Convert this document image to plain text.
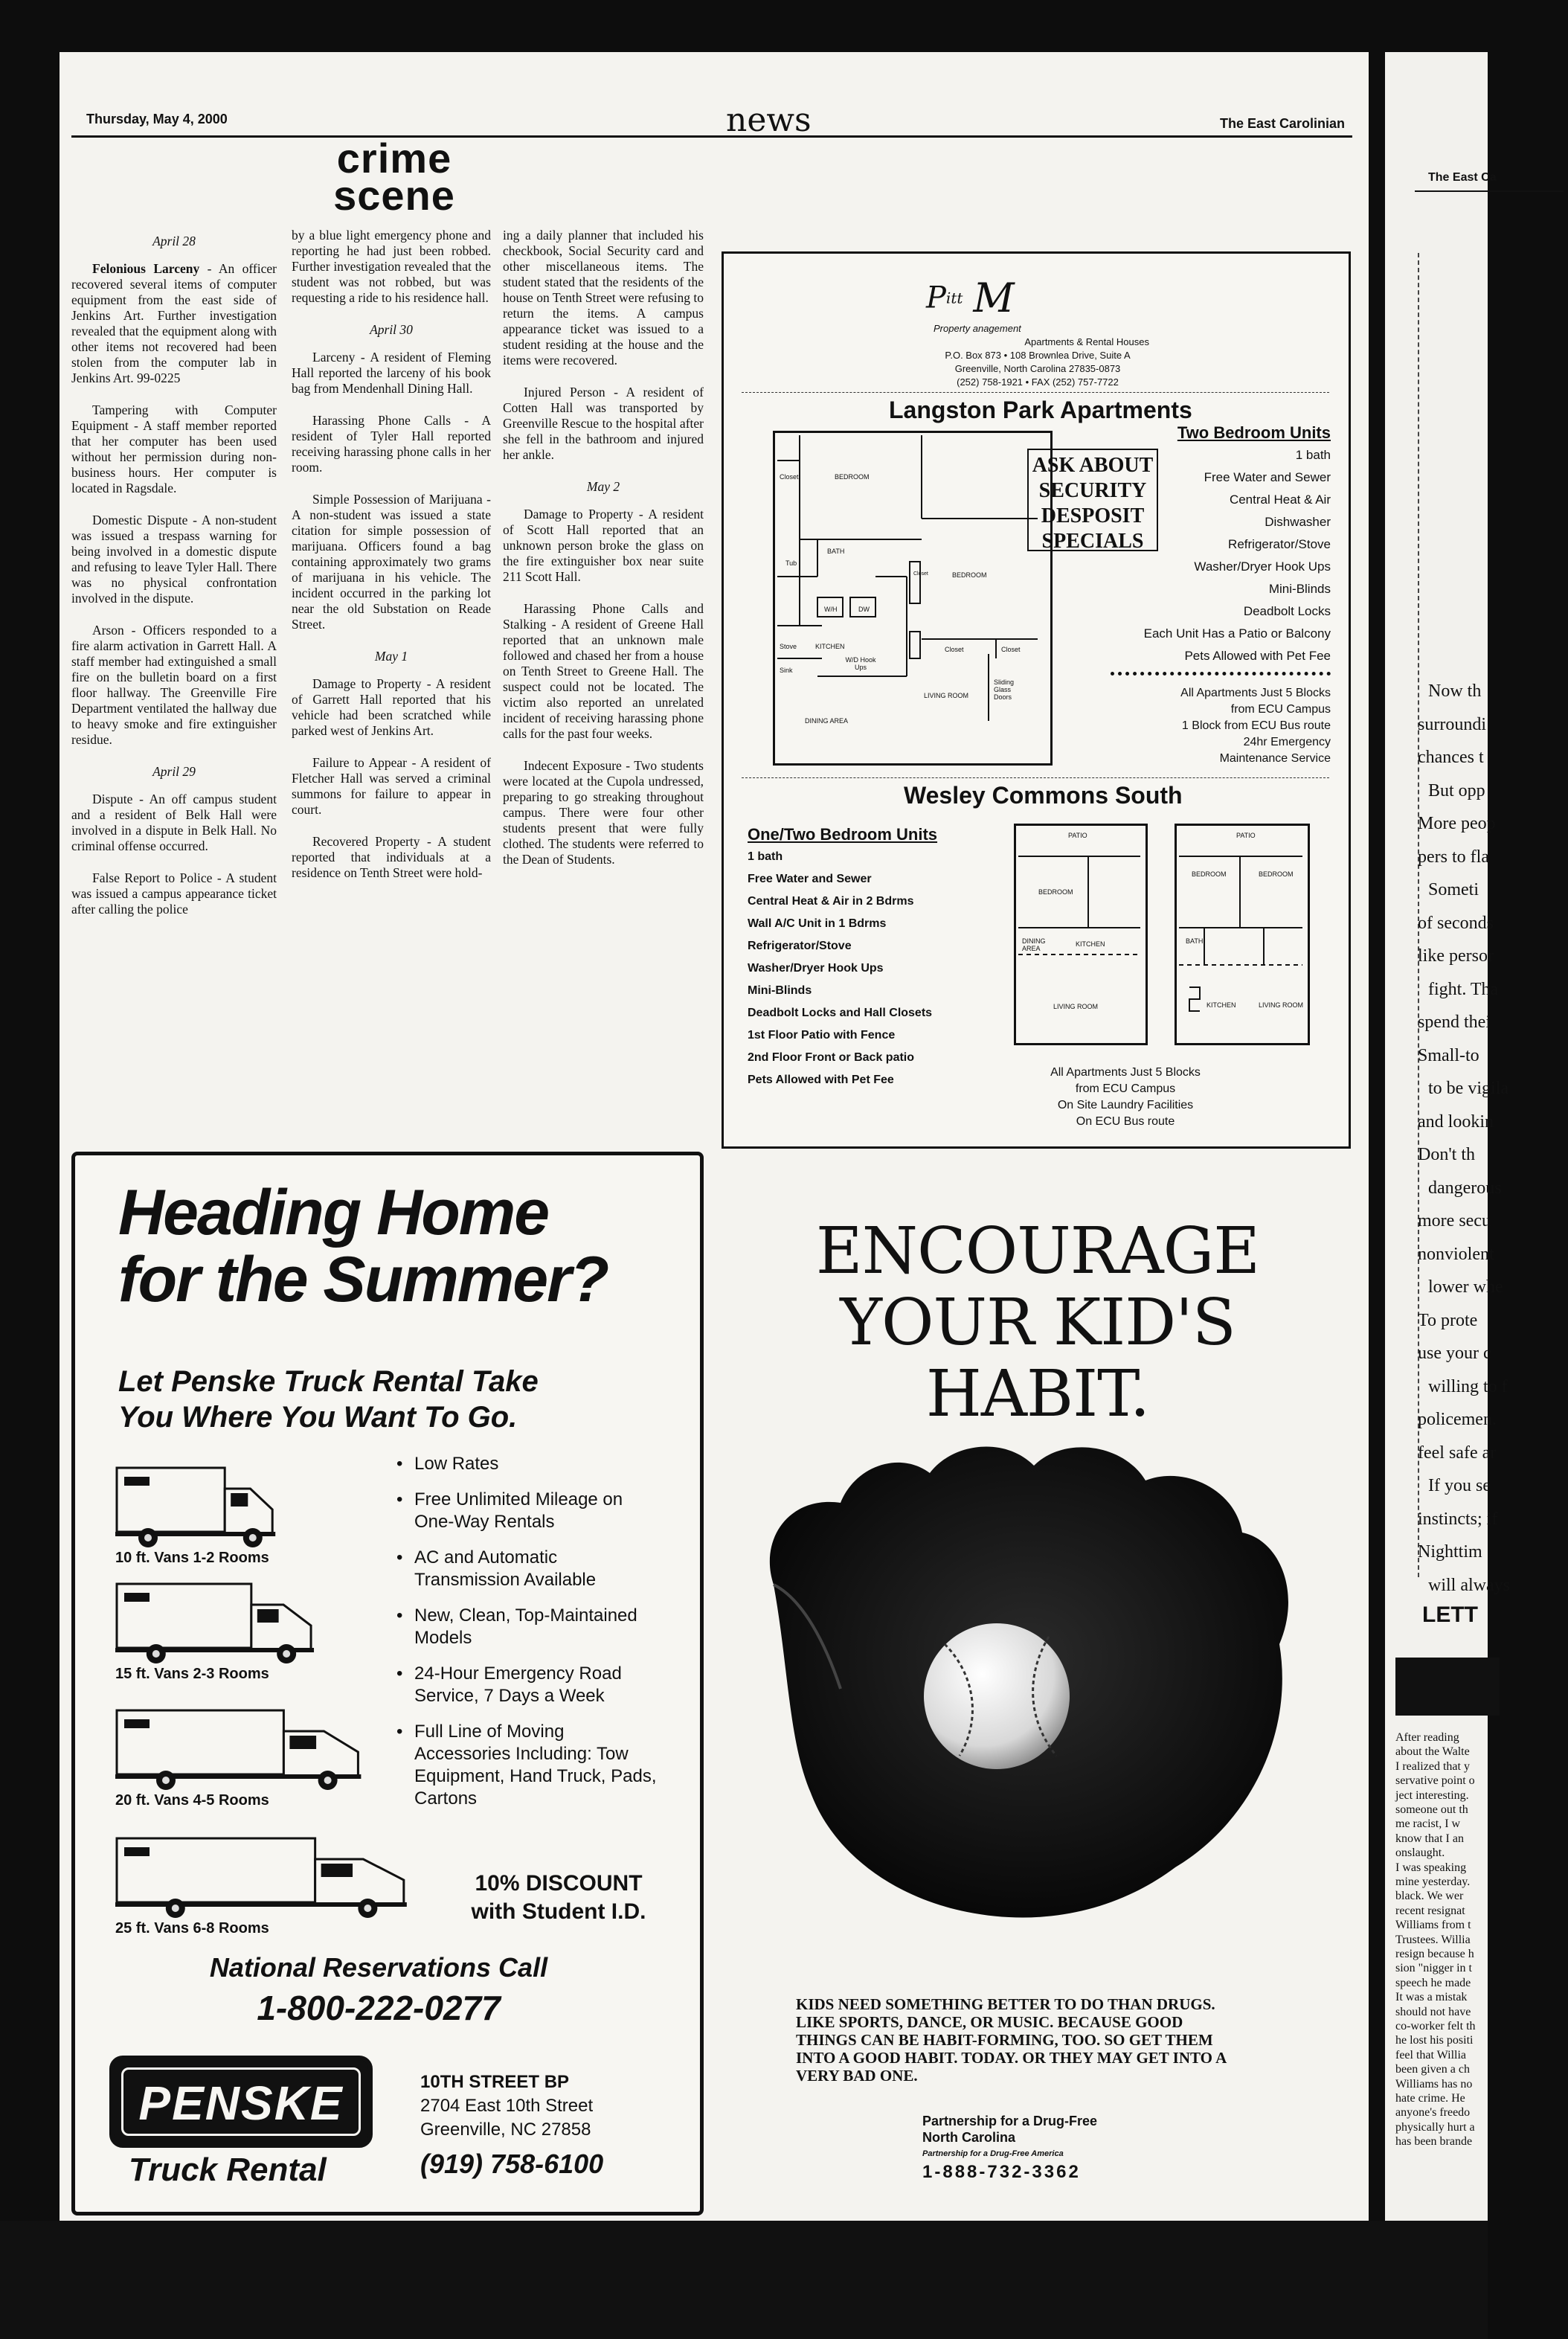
The East Ca
Now th
surroundi
chances t
But opp
More peop
pers to fla
Someti
of seconds
like persor
fight. Tha
spend thei
Small-to
to be vigila
and lookin
Don't th
dangerous
more secu
nonviolent
lower whe
To prote
use your c
willing to f
policemen.
feel safe ar
If you se
instincts; if
Nighttim
will always
LETT
After reading
about the Walte
I realized that y
servative point o
ject interesting.
someone out th
me racist, I w
know that I an
onslaught.
I was speaking
mine yesterday.
black. We wer
recent resignat
Williams from t
Trustees. Willia
resign because h
sion "nigger in t
speech he made
It was a mistak
should not have
co-worker felt th
he lost his positi
feel that Willia
been given a ch
Williams has no
hate crime. He
anyone's freedo
physically hurt a
has been brande
Thursday, May 4, 2000	news	The East Carolinian
crime
scene

April 28

Felonious Larceny - An officer recovered several items of computer equipment from the east side of Jenkins Art. Further investigation revealed that the equipment along with other items not recovered had been stolen from the computer lab in Jenkins Art. 99-0225

Tampering with Computer Equipment - A staff member reported that her computer has been used without her permission during non-business hours. Her computer is located in Ragsdale.

Domestic Dispute - A non-student was issued a trespass warning for being involved in a domestic dispute and refusing to leave Tyler Hall. There was no physical confrontation involved in the dispute.

Arson - Officers responded to a fire alarm activation in Garrett Hall. A staff member had extinguished a small fire on the bulletin board on a first floor hallway. The Greenville Fire Department ventilated the hallway due to heavy smoke and fire extinguisher residue.

April 29

Dispute - An off campus student and a resident of Belk Hall were involved in a dispute in Belk Hall. No criminal offense occurred.

False Report to Police - A student was issued a campus appearance ticket after calling the police

by a blue light emergency phone and reporting he had just been robbed. Further investigation revealed that the student was not robbed, but was requesting a ride to his residence hall.

April 30

Larceny - A resident of Fleming Hall reported the larceny of his book bag from Mendenhall Dining Hall.

Harassing Phone Calls - A resident of Tyler Hall reported receiving harassing phone calls in her room.

Simple Possession of Marijuana - A non-student was issued a state citation for simple possession of marijuana. Officers found a bag containing approximately two grams of marijuana in his vehicle. The incident occurred in the parking lot near the old Substation on Reade Street.

May 1

Damage to Property - A resident of Garrett Hall reported that his vehicle had been scratched while parked west of Jenkins Art.

Failure to Appear - A resident of Fletcher Hall was served a criminal summons for failure to appear in court.

Recovered Property - A student reported that individuals at a residence on Tenth Street were hold-

ing a daily planner that included his checkbook, Social Security card and other miscellaneous items. The student stated that the residents of the house on Tenth Street were refusing to return the items. A campus appearance ticket was issued to a student residing at the house and the items were recovered.

Injured Person - A resident of Cotten Hall was transported by Greenville Rescue to the hospital after she fell in the bathroom and injured her ankle.

May 2

Damage to Property - A resident of Scott Hall reported that an unknown person broke the glass on the fire extinguisher box near suite 211 Scott Hall.

Harassing Phone Calls and Stalking - A resident of Greene Hall reported that an unknown male followed and chased her from a house on Tenth Street to Greene Hall. The suspect could not be located. The victim also reported an unrelated incident of receiving harassing phone calls for the past four weeks.

Indecent Exposure - Two students were located at the Cupola undressed, preparing to go streaking throughout campus. There were four other students present that were fully clothed. The students were referred to the Dean of Students.

Pitt M
Property anagement
Apartments & Rental Houses
P.O. Box 873 • 108 Brownlea Drive, Suite A
Greenville, North Carolina 27835-0873
(252) 758-1921 • FAX (252) 757-7722
Langston Park Apartments
Closet	BEDROOM
BATH
Tub
BEDROOM
W/H	DW
Closet
Closet
Stove
Sink
KITCHEN
W/D Hook Ups
LIVING ROOM
Sliding Glass Doors
DINING AREA
Closet
ASK ABOUT
SECURITY
DESPOSIT
SPECIALS
Two Bedroom Units
1 bath
Free Water and Sewer
Central Heat & Air
Dishwasher
Refrigerator/Stove
Washer/Dryer Hook Ups
Mini-Blinds
Deadbolt Locks
Each Unit Has a Patio or Balcony
Pets Allowed with Pet Fee
All Apartments Just 5 Blocks
from ECU Campus
1 Block from ECU Bus route
24hr Emergency
Maintenance Service
Wesley Commons South
One/Two Bedroom Units
1 bath
Free Water and Sewer
Central Heat & Air in 2 Bdrms
Wall A/C Unit in 1 Bdrms
Refrigerator/Stove
Washer/Dryer Hook Ups
Mini-Blinds
Deadbolt Locks and Hall Closets
1st Floor Patio with Fence
2nd Floor Front or Back patio
Pets Allowed with Pet Fee
PATIO
BEDROOM
DINING AREA
KITCHEN
LIVING ROOM
PATIO
BEDROOM	BEDROOM
BATH
KITCHEN	LIVING ROOM
All Apartments Just 5 Blocks
from ECU Campus
On Site Laundry Facilities
On ECU Bus route
Heading Home
for the Summer?
Let Penske Truck Rental Take
You Where You Want To Go.
10 ft. Vans 1-2 Rooms
15 ft. Vans 2-3 Rooms
20 ft. Vans 4-5 Rooms
25 ft. Vans 6-8 Rooms
• Low Rates
• Free Unlimited Mileage on One-Way Rentals
• AC and Automatic Transmission Available
• New, Clean, Top-Maintained Models
• 24-Hour Emergency Road Service, 7 Days a Week
• Full Line of Moving Accessories Including: Tow Equipment, Hand Truck, Pads, Cartons
10% DISCOUNT
with Student I.D.
National Reservations Call
1-800-222-0277
PENSKE
Truck Rental
10TH STREET BP
2704 East 10th Street
Greenville, NC 27858
(919) 758-6100
ENCOURAGE
YOUR KID'S HABIT.
KIDS NEED SOMETHING BETTER TO DO THAN DRUGS. LIKE SPORTS, DANCE, OR MUSIC. BECAUSE GOOD THINGS CAN BE HABIT-FORMING, TOO. SO GET THEM INTO A GOOD HABIT. TODAY. OR THEY MAY GET INTO A VERY BAD ONE.
Partnership for a Drug-Free
North Carolina
Partnership for a Drug-Free America
1-888-732-3362
